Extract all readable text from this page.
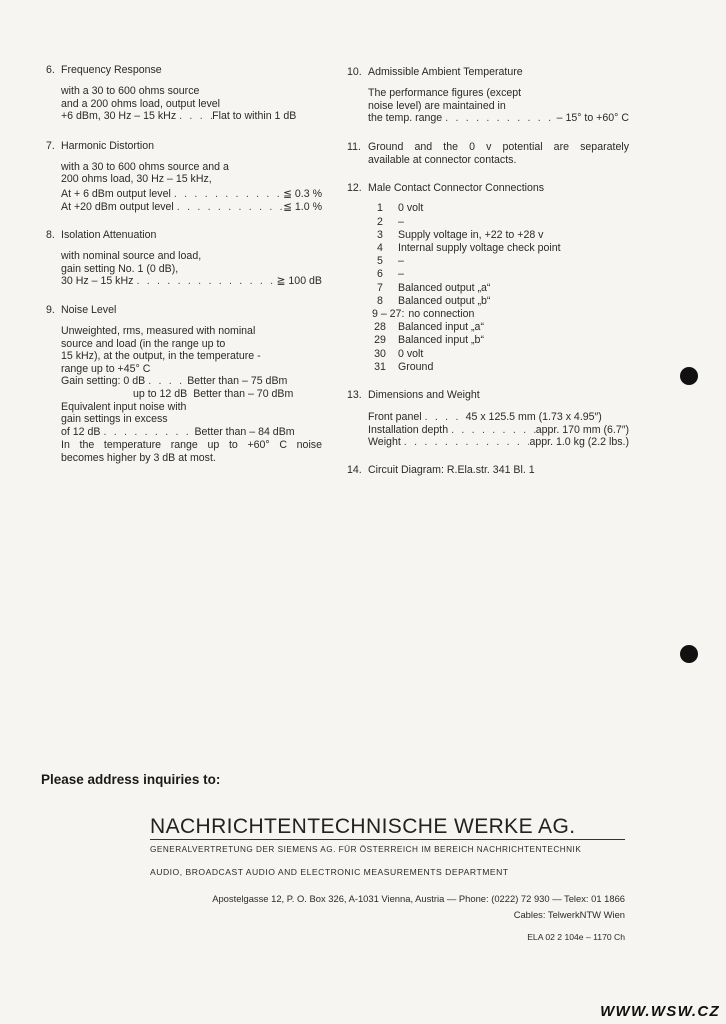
6. Frequency Response
with a 30 to 600 ohms source
and a 200 ohms load, output level
+6 dBm, 30 Hz – 15 kHz . . .	Flat to within 1 dB
7. Harmonic Distortion
with a 30 to 600 ohms source and a
200 ohms load, 30 Hz – 15 kHz,
At + 6 dBm output level . . .	≦ 0.3 %
At +20 dBm output level . . .	≦ 1.0 %
8. Isolation Attenuation
with nominal source and load,
gain setting No. 1 (0 dB),
30 Hz – 15 kHz . . .	≧ 100 dB
9. Noise Level
Unweighted, rms, measured with nominal
source and load (in the range up to
15 kHz), at the output, in the temperature -
range up to +45° C
Gain setting: 0 dB . . .	Better than – 75 dBm
up to 12 dB Better than – 70 dBm
Equivalent input noise with
gain settings in excess
of 12 dB . . .	Better than – 84 dBm
In the temperature range up to +60° C noise
becomes higher by 3 dB at most.
10. Admissible Ambient Temperature
The performance figures (except
noise level) are maintained in
the temp. range . . .	– 15° to +60° C
11. Ground and the 0 v potential are separately
available at connector contacts.
12. Male Contact Connector Connections
1	0 volt
2	–
3	Supply voltage in, +22 to +28 v
4	Internal supply voltage check point
5	–
6	–
7	Balanced output „a“
8	Balanced output „b“
9 – 27: no connection
28	Balanced input „a“
29	Balanced input „b“
30	0 volt
31	Ground
13. Dimensions and Weight
Front panel . . .	45 x 125.5 mm (1.73 x 4.95″)
Installation depth . . .	appr. 170 mm (6.7″)
Weight . . .	appr. 1.0 kg (2.2 lbs.)
14. Circuit Diagram: R.Ela.str. 341 Bl. 1
Please address inquiries to:
NACHRICHTENTECHNISCHE WERKE AG.
GENERALVERTRETUNG DER SIEMENS AG. FÜR ÖSTERREICH IM BEREICH NACHRICHTENTECHNIK
AUDIO, BROADCAST AUDIO AND ELECTRONIC MEASUREMENTS DEPARTMENT
Apostelgasse 12, P. O. Box 326, A-1031 Vienna, Austria — Phone: (0222) 72 930 — Telex: 01 1866
Cables: TelwerkNTW Wien
ELA 02 2 104e – 1170 Ch
WWW.WSW.CZ
